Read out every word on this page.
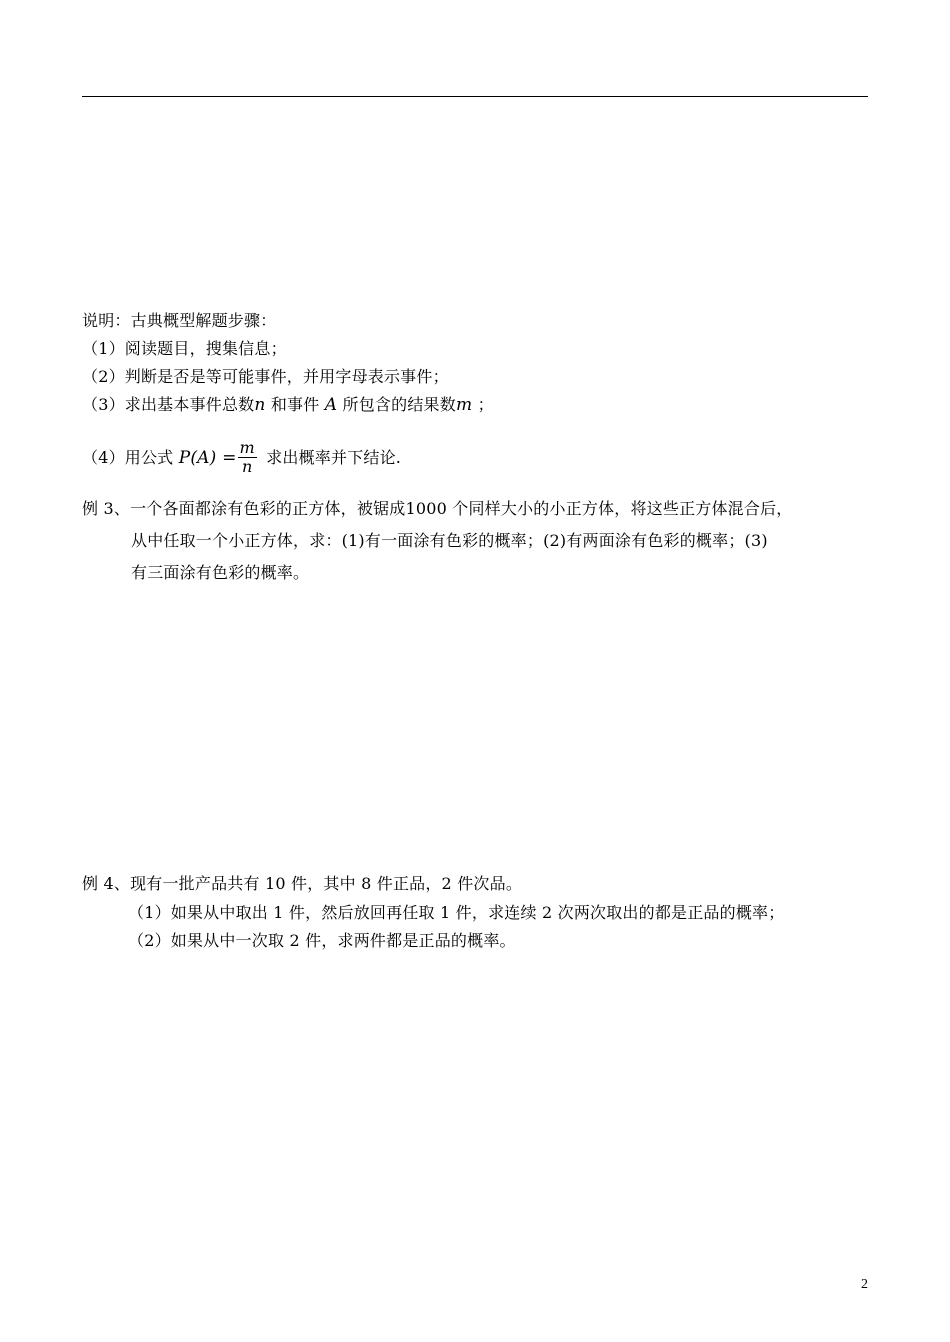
说明：古典概型解题步骤：
（1）阅读题目，搜集信息；
（2）判断是否是等可能事件，并用字母表示事件；
（3）求出基本事件总数n 和事件 A 所包含的结果数m ；
（4）用公式 $P(A) = \frac{m}{n}$ 求出概率并下结论.
例 3、一个各面都涂有色彩的正方体，被锯成1000 个同样大小的小正方体，将这些正方体混合后，
从中任取一个小正方体，求：(1)有一面涂有色彩的概率；(2)有两面涂有色彩的概率；(3)
有三面涂有色彩的概率。
例 4、现有一批产品共有 10 件，其中 8 件正品，2 件次品。
（1）如果从中取出 1 件，然后放回再任取 1 件，求连续 2 次两次取出的都是正品的概率；
（2）如果从中一次取 2 件，求两件都是正品的概率。
2
